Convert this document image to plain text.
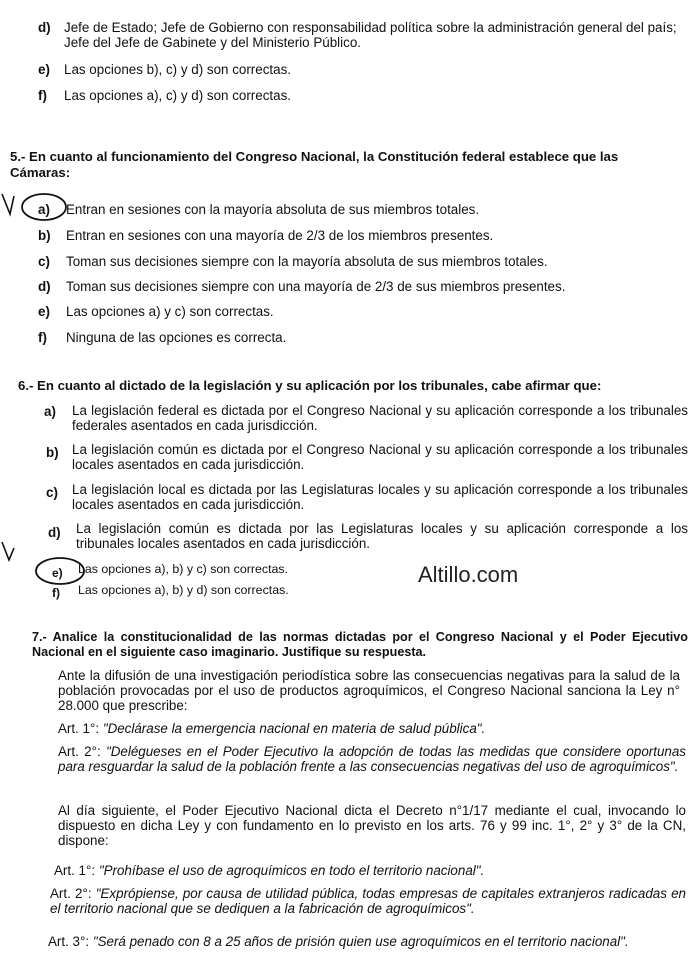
d) Jefe de Estado; Jefe de Gobierno con responsabilidad política sobre la administración general del país; Jefe del Jefe de Gabinete y del Ministerio Público.
e) Las opciones b), c) y d) son correctas.
f) Las opciones a), c) y d) son correctas.
5.- En cuanto al funcionamiento del Congreso Nacional, la Constitución federal establece que las Cámaras:
a) Entran en sesiones con la mayoría absoluta de sus miembros totales.
b) Entran en sesiones con una mayoría de 2/3 de los miembros presentes.
c) Toman sus decisiones siempre con la mayoría absoluta de sus miembros totales.
d) Toman sus decisiones siempre con una mayoría de 2/3 de sus miembros presentes.
e) Las opciones a) y c) son correctas.
f) Ninguna de las opciones es correcta.
6.- En cuanto al dictado de la legislación y su aplicación por los tribunales, cabe afirmar que:
a) La legislación federal es dictada por el Congreso Nacional y su aplicación corresponde a los tribunales federales asentados en cada jurisdicción.
b) La legislación común es dictada por el Congreso Nacional y su aplicación corresponde a los tribunales locales asentados en cada jurisdicción.
c) La legislación local es dictada por las Legislaturas locales y su aplicación corresponde a los tribunales locales asentados en cada jurisdicción.
d) La legislación común es dictada por las Legislaturas locales y su aplicación corresponde a los tribunales locales asentados en cada jurisdicción.
e) Las opciones a), b) y c) son correctas.
f) Las opciones a), b) y d) son correctas.
Altillo.com
7.- Analice la constitucionalidad de las normas dictadas por el Congreso Nacional y el Poder Ejecutivo Nacional en el siguiente caso imaginario. Justifique su respuesta.
Ante la difusión de una investigación periodística sobre las consecuencias negativas para la salud de la población provocadas por el uso de productos agroquímicos, el Congreso Nacional sanciona la Ley n° 28.000 que prescribe:
Art. 1°: "Declárase la emergencia nacional en materia de salud pública".
Art. 2°: "Delégueses en el Poder Ejecutivo la adopción de todas las medidas que considere oportunas para resguardar la salud de la población frente a las consecuencias negativas del uso de agroquímicos".
Al día siguiente, el Poder Ejecutivo Nacional dicta el Decreto n°1/17 mediante el cual, invocando lo dispuesto en dicha Ley y con fundamento en lo previsto en los arts. 76 y 99 inc. 1°, 2° y 3° de la CN, dispone:
Art. 1°: "Prohíbase el uso de agroquímicos en todo el territorio nacional".
Art. 2°: "Exprópiense, por causa de utilidad pública, todas empresas de capitales extranjeros radicadas en el territorio nacional que se dediquen a la fabricación de agroquímicos".
Art. 3°: "Será penado con 8 a 25 años de prisión quien use agroquímicos en el territorio nacional".
